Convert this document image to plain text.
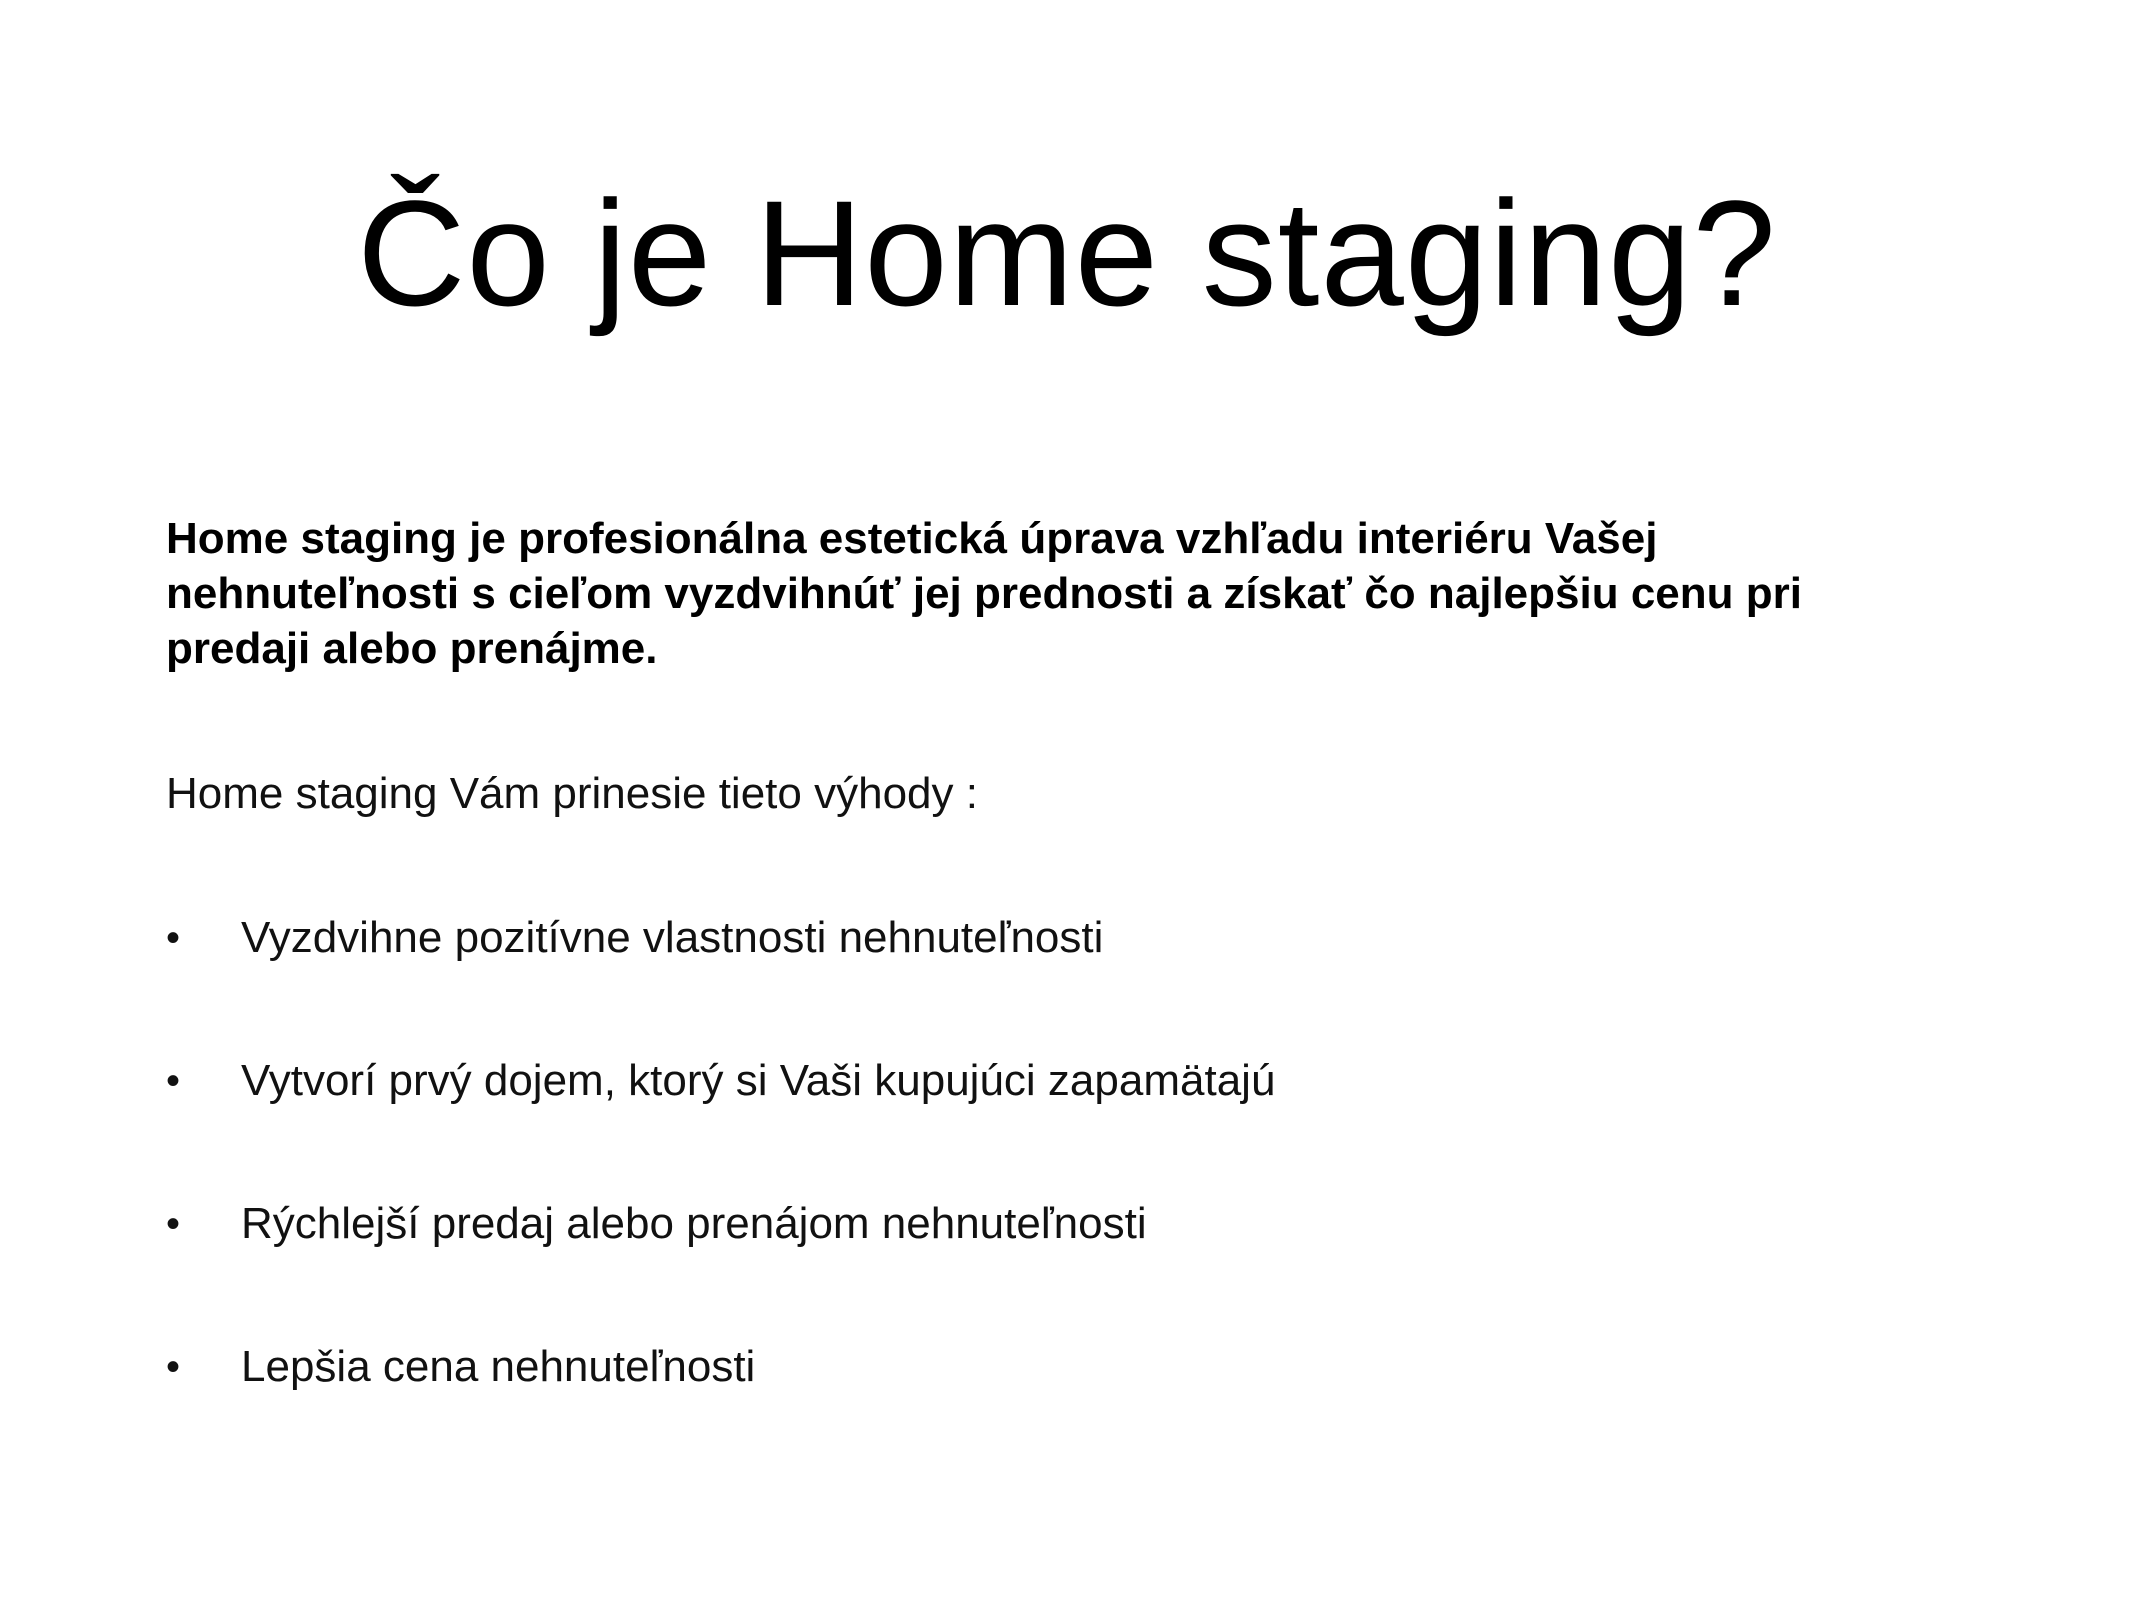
Čo je Home staging?

Home staging je profesionálna estetická úprava vzhľadu interiéru Vašej
nehnuteľnosti s cieľom vyzdvihnúť jej prednosti a získať čo najlepšiu cenu pri
predaji alebo prenájme.

Home staging Vám prinesie tieto výhody :

•	Vyzdvihne pozitívne vlastnosti nehnuteľnosti
•	Vytvorí prvý dojem, ktorý si Vaši kupujúci zapamätajú
•	Rýchlejší predaj alebo prenájom nehnuteľnosti
•	Lepšia cena nehnuteľnosti
